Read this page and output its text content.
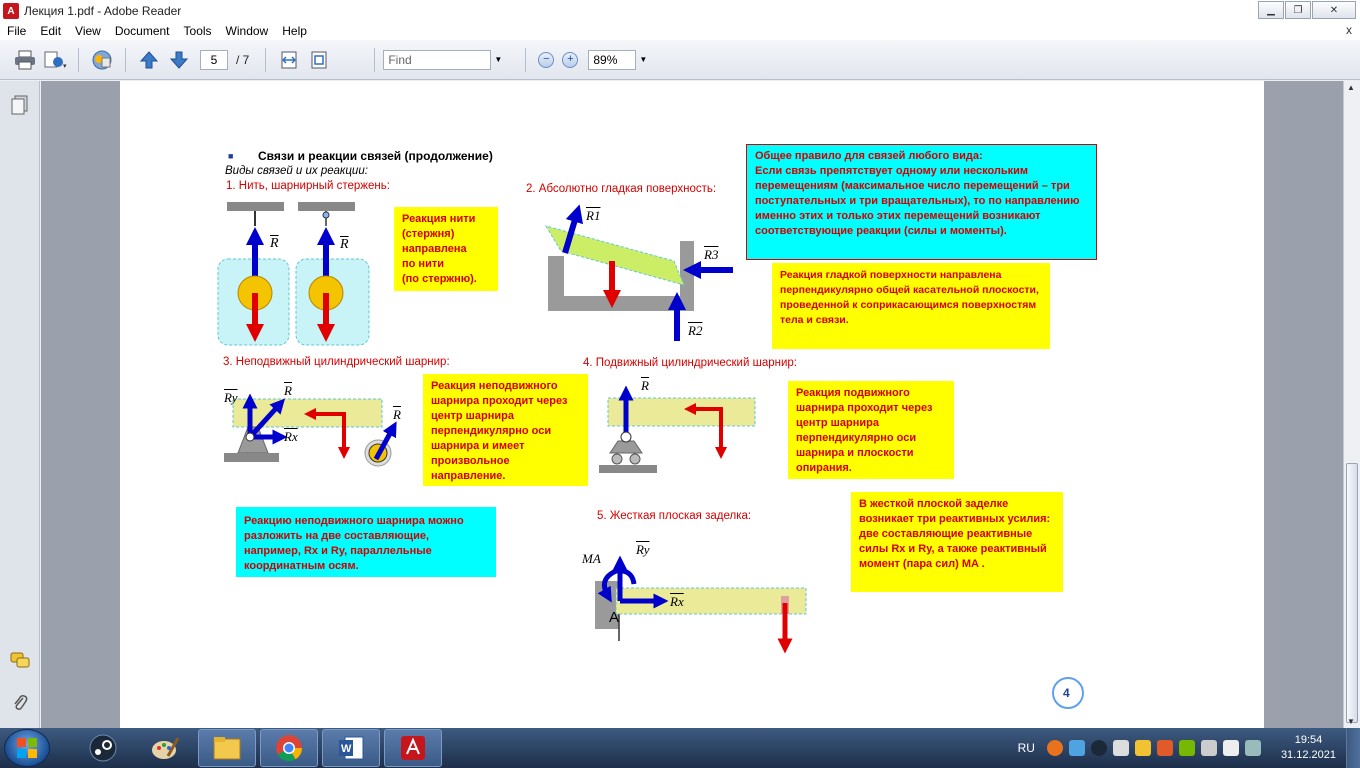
A Лекция 1.pdf - Adobe Reader	▁	❐	✕
File	Edit	View	Document	Tools	Window	Help	x
▾	5	/ 7	Find	▼	−	+	89%	▼
■ Связи и реакции связей (продолжение)
Виды связей и их реакции:
1. Нить, шарнирный стержень:	2. Абсолютно гладкая поверхность:
3. Неподвижный цилиндрический шарнир:	4. Подвижный цилиндрический шарнир:
5. Жесткая плоская заделка:
Общее правило для связей любого вида:
Если связь препятствует одному или нескольким перемещениям (максимальное число перемещений – три поступательных и три вращательных), то по направлению именно этих и только этих перемещений возникают соответствующие реакции (силы и моменты).
Реакция нити
(стержня)
направлена
по нити
(по стержню).	Реакция гладкой поверхности направлена перпендикулярно общей касательной плоскости, проведенной к соприкасающимся поверхностям тела и связи.
Реакция неподвижного шарнира проходит через центр шарнира перпендикулярно оси шарнира и имеет произвольное направление.
Реакция подвижного шарнира проходит через центр шарнира перпендикулярно оси шарнира и плоскости опирания.
Реакцию неподвижного шарнира можно разложить на две составляющие, например, Rx и Ry, параллельные координатным осям.
В жесткой плоской заделке возникает три реактивных усилия: две составляющие реактивные силы Rx и Ry, а также реактивный момент (пара сил) MA .
$\overline{R}$	$\overline{R}$
R1
R3
R2
$\overline{Ry}$	$\overline{R}$
$\overline{Rx}$
$\overline{R}$
$\overline{R}$
$\overline{Ry}$
MA
$\overline{Rx}$
A
4
▲
▼
W	RU
19:54
31.12.2021
